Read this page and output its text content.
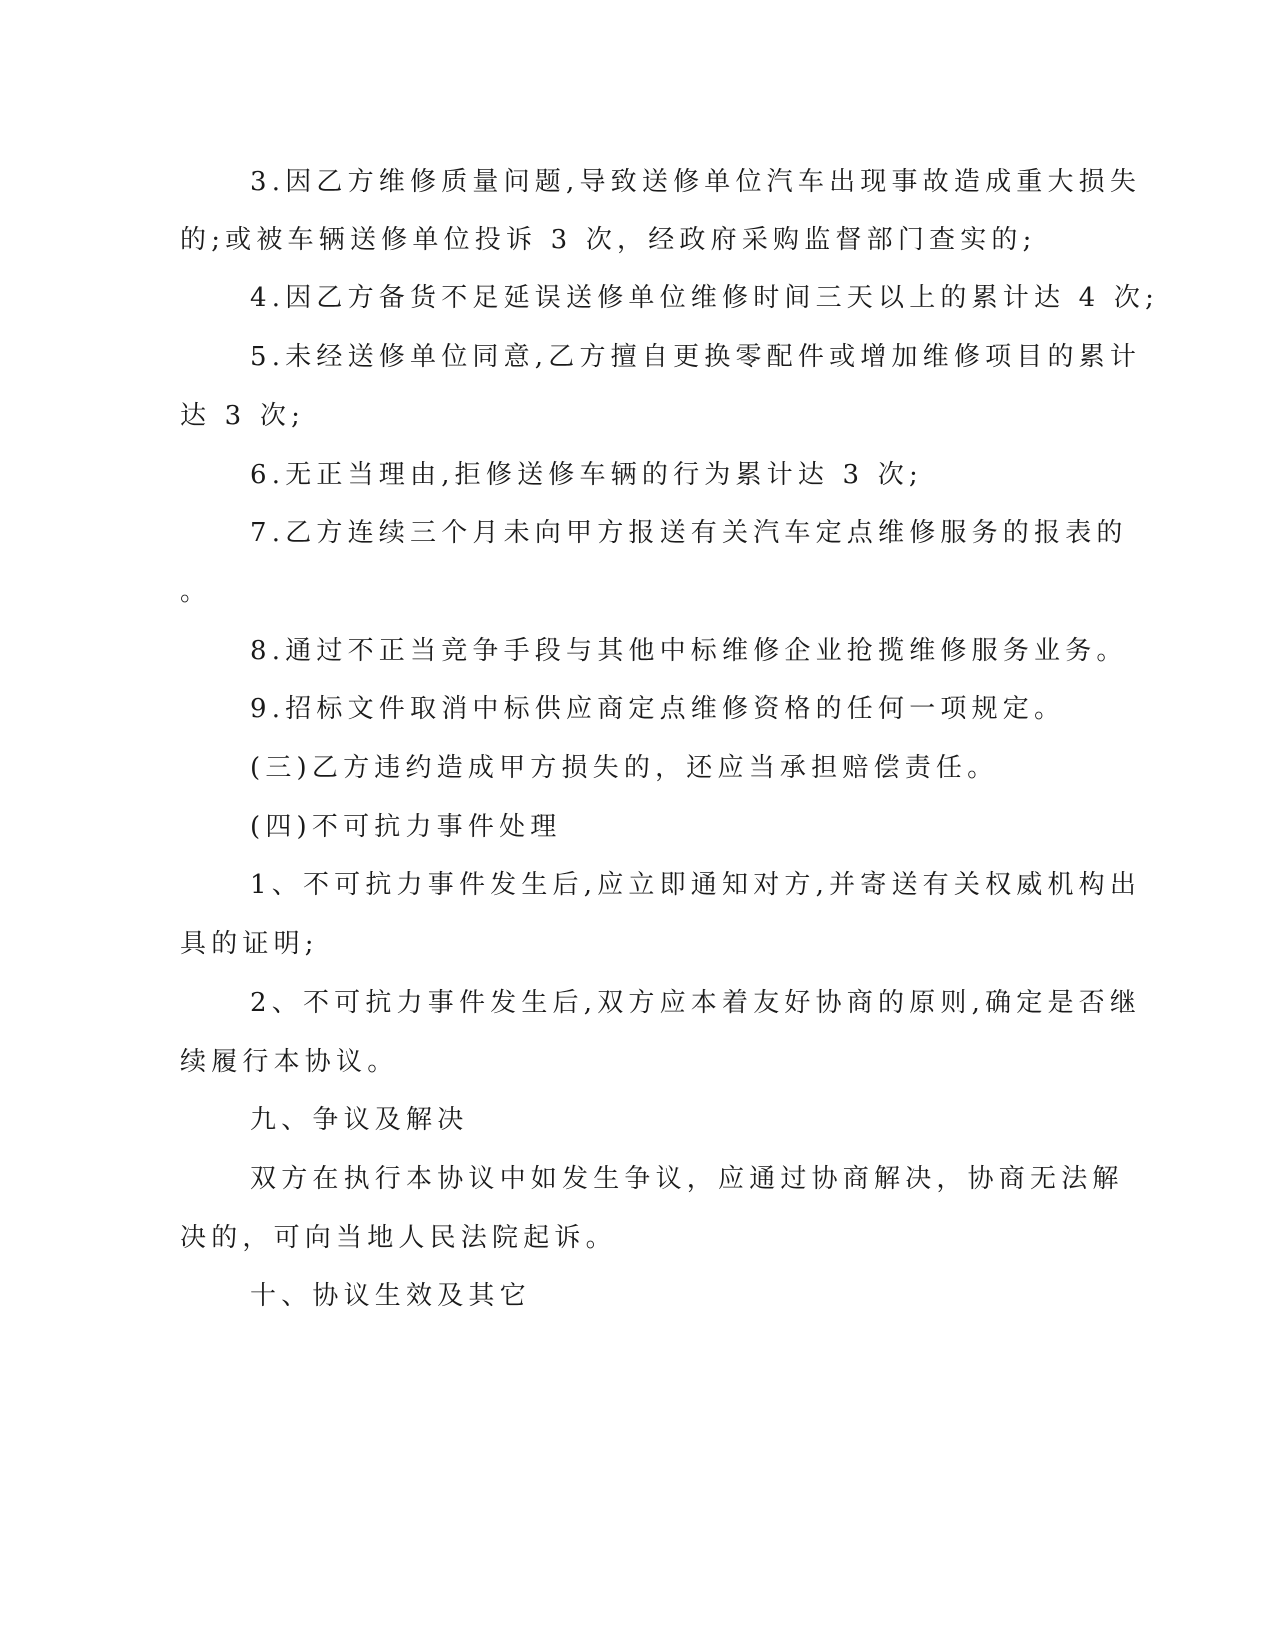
3.因乙方维修质量问题,导致送修单位汽车出现事故造成重大损失

的;或被车辆送修单位投诉 3 次，经政府采购监督部门查实的;

4.因乙方备货不足延误送修单位维修时间三天以上的累计达 4 次;

5.未经送修单位同意,乙方擅自更换零配件或增加维修项目的累计

达 3 次;

6.无正当理由,拒修送修车辆的行为累计达 3 次;

7.乙方连续三个月未向甲方报送有关汽车定点维修服务的报表的

。

8.通过不正当竞争手段与其他中标维修企业抢揽维修服务业务。

9.招标文件取消中标供应商定点维修资格的任何一项规定。

(三)乙方违约造成甲方损失的，还应当承担赔偿责任。

(四)不可抗力事件处理

1、不可抗力事件发生后,应立即通知对方,并寄送有关权威机构出

具的证明;

2、不可抗力事件发生后,双方应本着友好协商的原则,确定是否继

续履行本协议。

九、争议及解决

双方在执行本协议中如发生争议，应通过协商解决，协商无法解

决的，可向当地人民法院起诉。

十、协议生效及其它
